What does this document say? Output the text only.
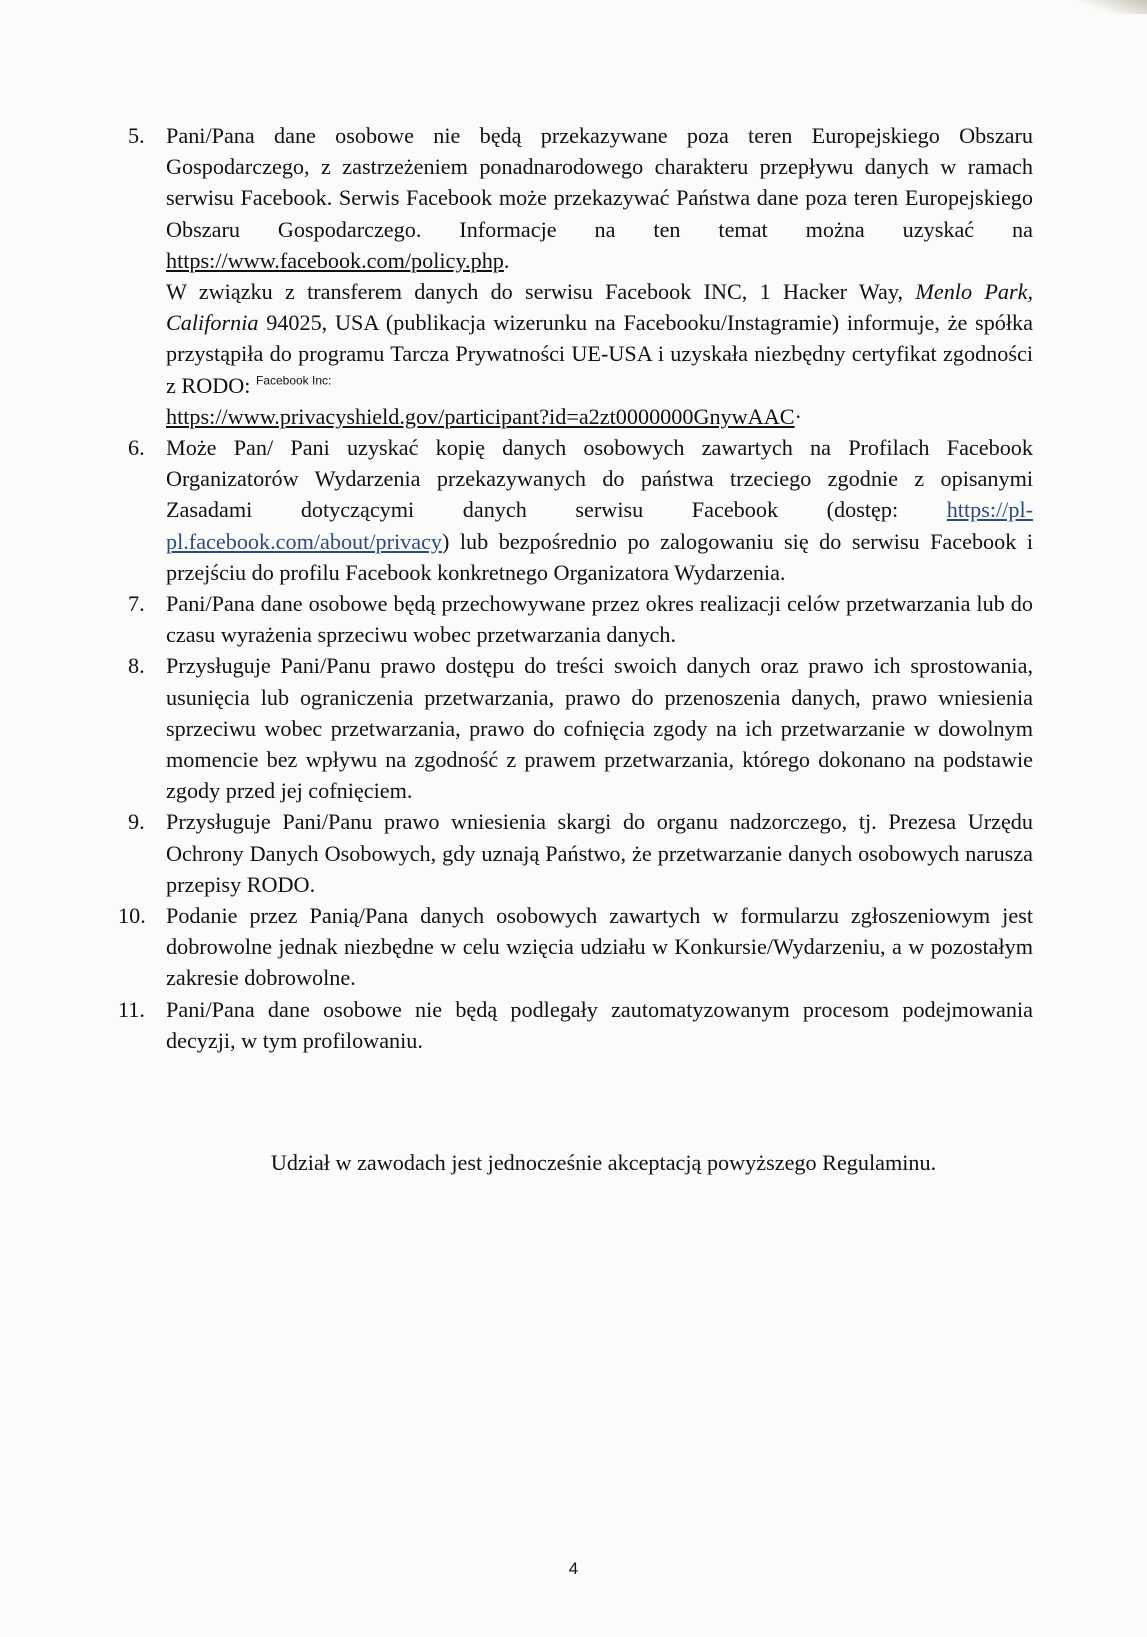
5. Pani/Pana dane osobowe nie będą przekazywane poza teren Europejskiego Obszaru Gospodarczego, z zastrzeżeniem ponadnarodowego charakteru przepływu danych w ramach serwisu Facebook. Serwis Facebook może przekazywać Państwa dane poza teren Europejskiego Obszaru Gospodarczego. Informacje na ten temat można uzyskać na https://www.facebook.com/policy.php.

W związku z transferem danych do serwisu Facebook INC, 1 Hacker Way, Menlo Park, California 94025, USA (publikacja wizerunku na Facebooku/Instagramie) informuje, że spółka przystąpiła do programu Tarcza Prywatności UE-USA i uzyskała niezbędny certyfikat zgodności z RODO: $^{Facebook Inc:}$
https://www.privacyshield.gov/participant?id=a2zt0000000GnywAAC·

6. Może Pan/ Pani uzyskać kopię danych osobowych zawartych na Profilach Facebook Organizatorów Wydarzenia przekazywanych do państwa trzeciego zgodnie z opisanymi Zasadami dotyczącymi danych serwisu Facebook (dostęp: https://pl-pl.facebook.com/about/privacy) lub bezpośrednio po zalogowaniu się do serwisu Facebook i przejściu do profilu Facebook konkretnego Organizatora Wydarzenia.

7. Pani/Pana dane osobowe będą przechowywane przez okres realizacji celów przetwarzania lub do czasu wyrażenia sprzeciwu wobec przetwarzania danych.

8. Przysługuje Pani/Panu prawo dostępu do treści swoich danych oraz prawo ich sprostowania, usunięcia lub ograniczenia przetwarzania, prawo do przenoszenia danych, prawo wniesienia sprzeciwu wobec przetwarzania, prawo do cofnięcia zgody na ich przetwarzanie w dowolnym momencie bez wpływu na zgodność z prawem przetwarzania, którego dokonano na podstawie zgody przed jej cofnięciem.

9. Przysługuje Pani/Panu prawo wniesienia skargi do organu nadzorczego, tj. Prezesa Urzędu Ochrony Danych Osobowych, gdy uznają Państwo, że przetwarzanie danych osobowych narusza przepisy RODO.

10. Podanie przez Panią/Pana danych osobowych zawartych w formularzu zgłoszeniowym jest dobrowolne jednak niezbędne w celu wzięcia udziału w Konkursie/Wydarzeniu, a w pozostałym zakresie dobrowolne.

11. Pani/Pana dane osobowe nie będą podlegały zautomatyzowanym procesom podejmowania decyzji, w tym profilowaniu.

Udział w zawodach jest jednocześnie akceptacją powyższego Regulaminu.
4
